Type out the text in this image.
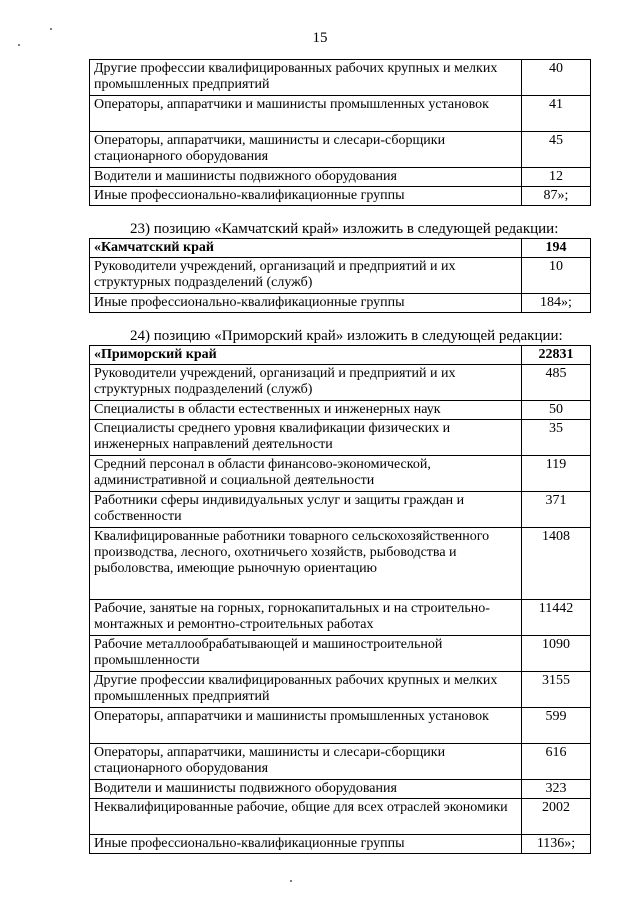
15
Другие профессии квалифицированных рабочих крупных и мелких промышленных предприятий	40
Операторы, аппаратчики и машинисты промышленных установок	41
Операторы, аппаратчики, машинисты и слесари-сборщики стационарного оборудования	45
Водители и машинисты подвижного оборудования	12
Иные профессионально-квалификационные группы	87»;
23) позицию «Камчатский край» изложить в следующей редакции:
«Камчатский край	194
Руководители учреждений, организаций и предприятий и их структурных подразделений (служб)	10
Иные профессионально-квалификационные группы	184»;
24) позицию «Приморский край» изложить в следующей редакции:
«Приморский край	22831
Руководители учреждений, организаций и предприятий и их структурных подразделений (служб)	485
Специалисты в области естественных и инженерных наук	50
Специалисты среднего уровня квалификации физических и инженерных направлений деятельности	35
Средний персонал в области финансово-экономической, административной и социальной деятельности	119
Работники сферы индивидуальных услуг и защиты граждан и собственности	371
Квалифицированные работники товарного сельскохозяйственного производства, лесного, охотничьего хозяйств, рыбоводства и рыболовства, имеющие рыночную ориентацию	1408
Рабочие, занятые на горных, горнокапитальных и на строительно-монтажных и ремонтно-строительных работах	11442
Рабочие металлообрабатывающей и машиностроительной промышленности	1090
Другие профессии квалифицированных рабочих крупных и мелких промышленных предприятий	3155
Операторы, аппаратчики и машинисты промышленных установок	599
Операторы, аппаратчики, машинисты и слесари-сборщики стационарного оборудования	616
Водители и машинисты подвижного оборудования	323
Неквалифицированные рабочие, общие для всех отраслей экономики	2002
Иные профессионально-квалификационные группы	1136»;
